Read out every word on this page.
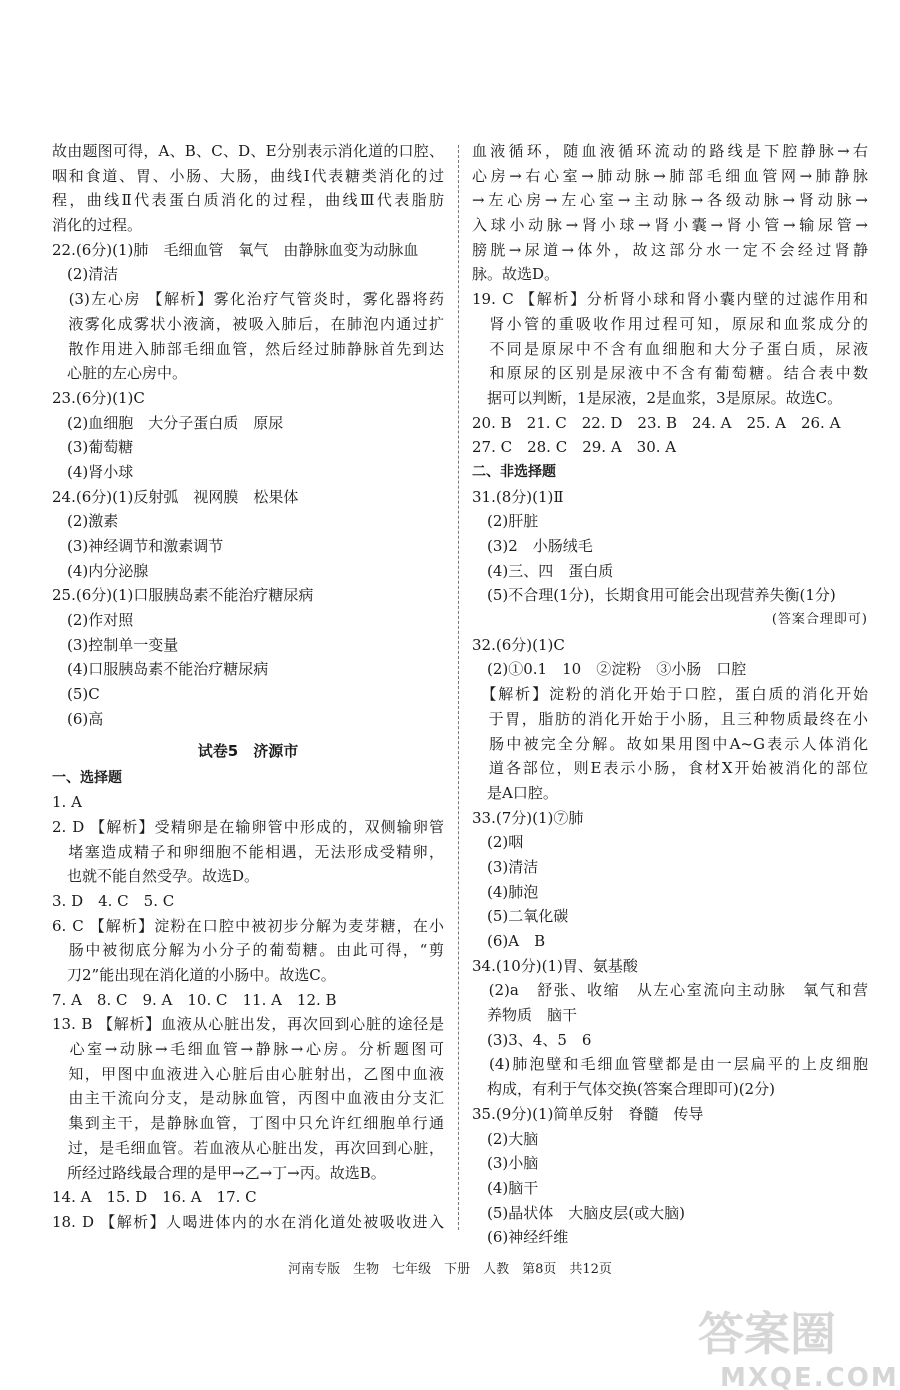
故由题图可得，A、B、C、D、E分别表示消化道的口腔、
咽和食道、胃、小肠、大肠，曲线Ⅰ代表糖类消化的过
程，曲线Ⅱ代表蛋白质消化的过程，曲线Ⅲ代表脂肪
消化的过程。
22.(6分)(1)肺　毛细血管　氧气　由静脉血变为动脉血
　(2)清洁
　(3)左心房 【解析】雾化治疗气管炎时，雾化器将药
　液雾化成雾状小液滴，被吸入肺后，在肺泡内通过扩
　散作用进入肺部毛细血管，然后经过肺静脉首先到达
　心脏的左心房中。
23.(6分)(1)C
　(2)血细胞　大分子蛋白质　原尿
　(3)葡萄糖
　(4)肾小球
24.(6分)(1)反射弧　视网膜　松果体
　(2)激素
　(3)神经调节和激素调节
　(4)内分泌腺
25.(6分)(1)口服胰岛素不能治疗糖尿病
　(2)作对照
　(3)控制单一变量
　(4)口服胰岛素不能治疗糖尿病
　(5)C
　(6)高
试卷5　济源市
一、选择题
1. A
2. D 【解析】受精卵是在输卵管中形成的，双侧输卵管
　堵塞造成精子和卵细胞不能相遇，无法形成受精卵，
　也就不能自然受孕。故选D。
3. D　4. C　5. C
6. C 【解析】淀粉在口腔中被初步分解为麦芽糖，在小
　肠中被彻底分解为小分子的葡萄糖。由此可得，“剪
　刀2”能出现在消化道的小肠中。故选C。
7. A　8. C　9. A　10. C　11. A　12. B
13. B 【解析】血液从心脏出发，再次回到心脏的途径是
　心室→动脉→毛细血管→静脉→心房。分析题图可
　知，甲图中血液进入心脏后由心脏射出，乙图中血液
　由主干流向分支，是动脉血管，丙图中血液由分支汇
　集到主干，是静脉血管，丁图中只允许红细胞单行通
　过，是毛细血管。若血液从心脏出发，再次回到心脏，
　所经过路线最合理的是甲→乙→丁→丙。故选B。
14. A　15. D　16. A　17. C
18. D 【解析】人喝进体内的水在消化道处被吸收进入
血液循环，随血液循环流动的路线是下腔静脉→右
心房→右心室→肺动脉→肺部毛细血管网→肺静脉
→左心房→左心室→主动脉→各级动脉→肾动脉→
入球小动脉→肾小球→肾小囊→肾小管→输尿管→
膀胱→尿道→体外，故这部分水一定不会经过肾静
脉。故选D。
19. C 【解析】分析肾小球和肾小囊内壁的过滤作用和
　肾小管的重吸收作用过程可知，原尿和血浆成分的
　不同是原尿中不含有血细胞和大分子蛋白质，尿液
　和原尿的区别是尿液中不含有葡萄糖。结合表中数
　据可以判断，1是尿液，2是血浆，3是原尿。故选C。
20. B　21. C　22. D　23. B　24. A　25. A　26. A
27. C　28. C　29. A　30. A
二、非选择题
31.(8分)(1)Ⅱ
　(2)肝脏
　(3)2　小肠绒毛
　(4)三、四　蛋白质
　(5)不合理(1分)，长期食用可能会出现营养失衡(1分)
(答案合理即可)
32.(6分)(1)C
　(2)①0.1　10　②淀粉　③小肠　口腔
　【解析】淀粉的消化开始于口腔，蛋白质的消化开始
　于胃，脂肪的消化开始于小肠，且三种物质最终在小
　肠中被完全分解。故如果用图中A~G表示人体消化
　道各部位，则E表示小肠，食材X开始被消化的部位
　是A口腔。
33.(7分)(1)⑦肺
　(2)咽
　(3)清洁
　(4)肺泡
　(5)二氧化碳
　(6)A　B
34.(10分)(1)胃、氨基酸
　(2)a　舒张、收缩　从左心室流向主动脉　氧气和营
　养物质　脑干
　(3)3、4、5　6
　(4)肺泡壁和毛细血管壁都是由一层扁平的上皮细胞
　构成，有利于气体交换(答案合理即可)(2分)
35.(9分)(1)简单反射　脊髓　传导
　(2)大脑
　(3)小脑
　(4)脑干
　(5)晶状体　大脑皮层(或大脑)
　(6)神经纤维
河南专版　生物　七年级　下册　人教　第8页　共12页
答案圈
MXQE.COM
